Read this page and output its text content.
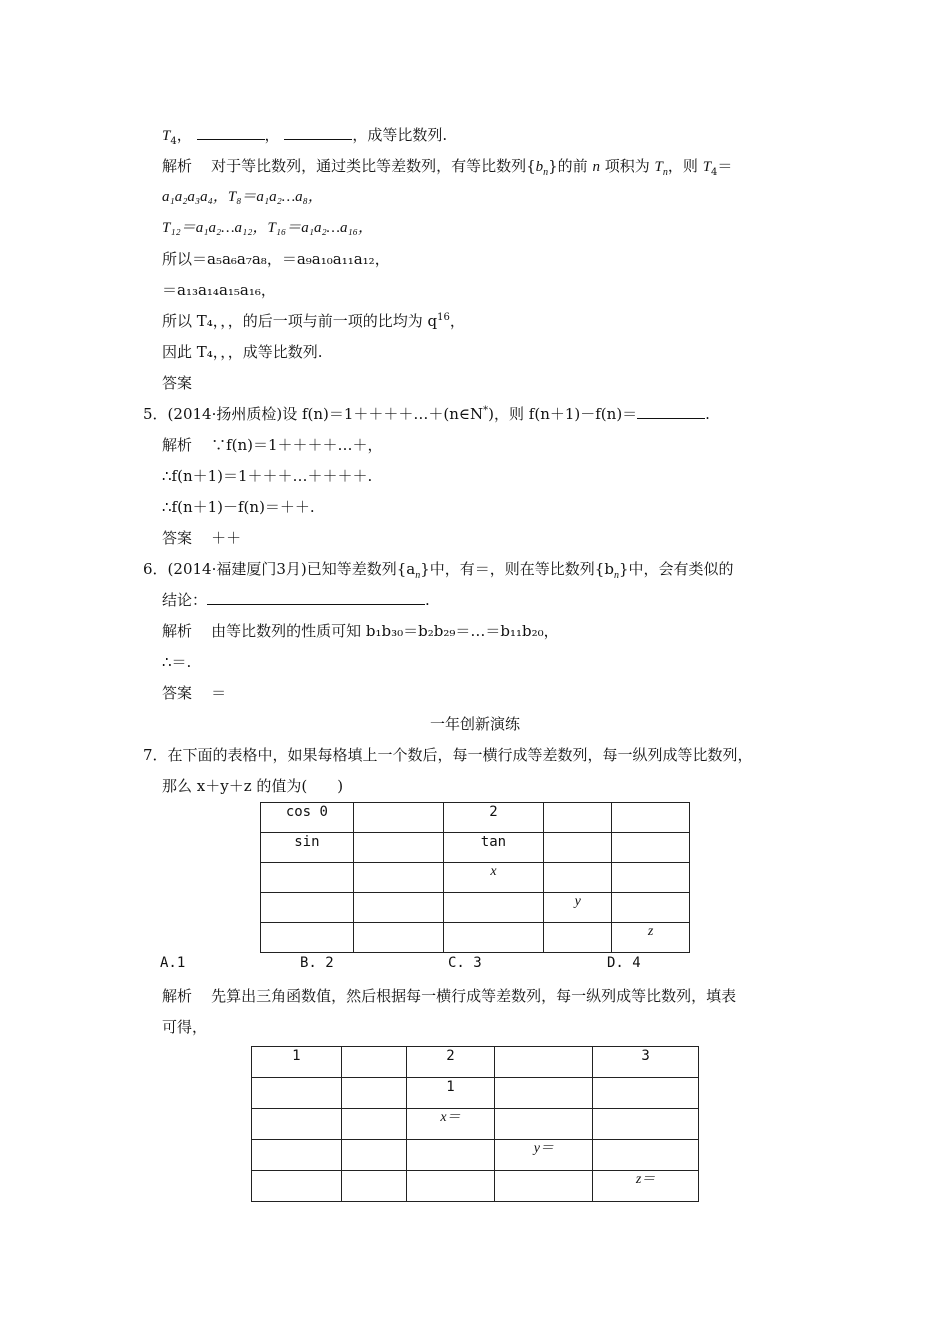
$T_4$，	，	，成等比数列.
解析 对于等比数列，通过类比等差数列，有等比数列$\{b_n\}$的前 n 项积为 $T_n$，则 $T_4=$
a₁a₂a₃a₄，T₈＝a₁a₂…a₈，
T₁₂＝a₁a₂…a₁₂，T₁₆＝a₁a₂…a₁₆，
所以＝a₅a₆a₇a₈，＝a₉a₁₀a₁₁a₁₂，
＝a₁₃a₁₄a₁₅a₁₆，
所以 T₄，，，的后一项与前一项的比均为 $q^{16}$，
因此 T₄，，，成等比数列.
答案
5．(2014·扬州质检)设 f(n)＝1＋＋＋＋…＋(n∈N*)，则 f(n＋1)－f(n)＝	.
解析 ∵f(n)＝1＋＋＋＋…＋，
∴f(n＋1)＝1＋＋＋…＋＋＋＋.
∴f(n＋1)－f(n)＝＋＋.
答案 ＋＋
6．(2014·福建厦门3月)已知等差数列$\{a_n\}$中，有＝，则在等比数列$\{b_n\}$中，会有类似的
结论：	.
解析 由等比数列的性质可知 b₁b₃₀＝b₂b₂₉＝…＝b₁₁b₂₀，
∴＝.
答案 ＝
一年创新演练
7．在下面的表格中，如果每格填上一个数后，每一横行成等差数列，每一纵列成等比数列，
那么 x＋y＋z 的值为(　　)
cos 0		2		
sin		tan		
		x		
			y	
				z
A.1	B. 2	C. 3	D. 4
解析 先算出三角函数值，然后根据每一横行成等差数列，每一纵列成等比数列，填表
可得，
1		2		3
		1		
		x＝		
			y＝	
				z＝
